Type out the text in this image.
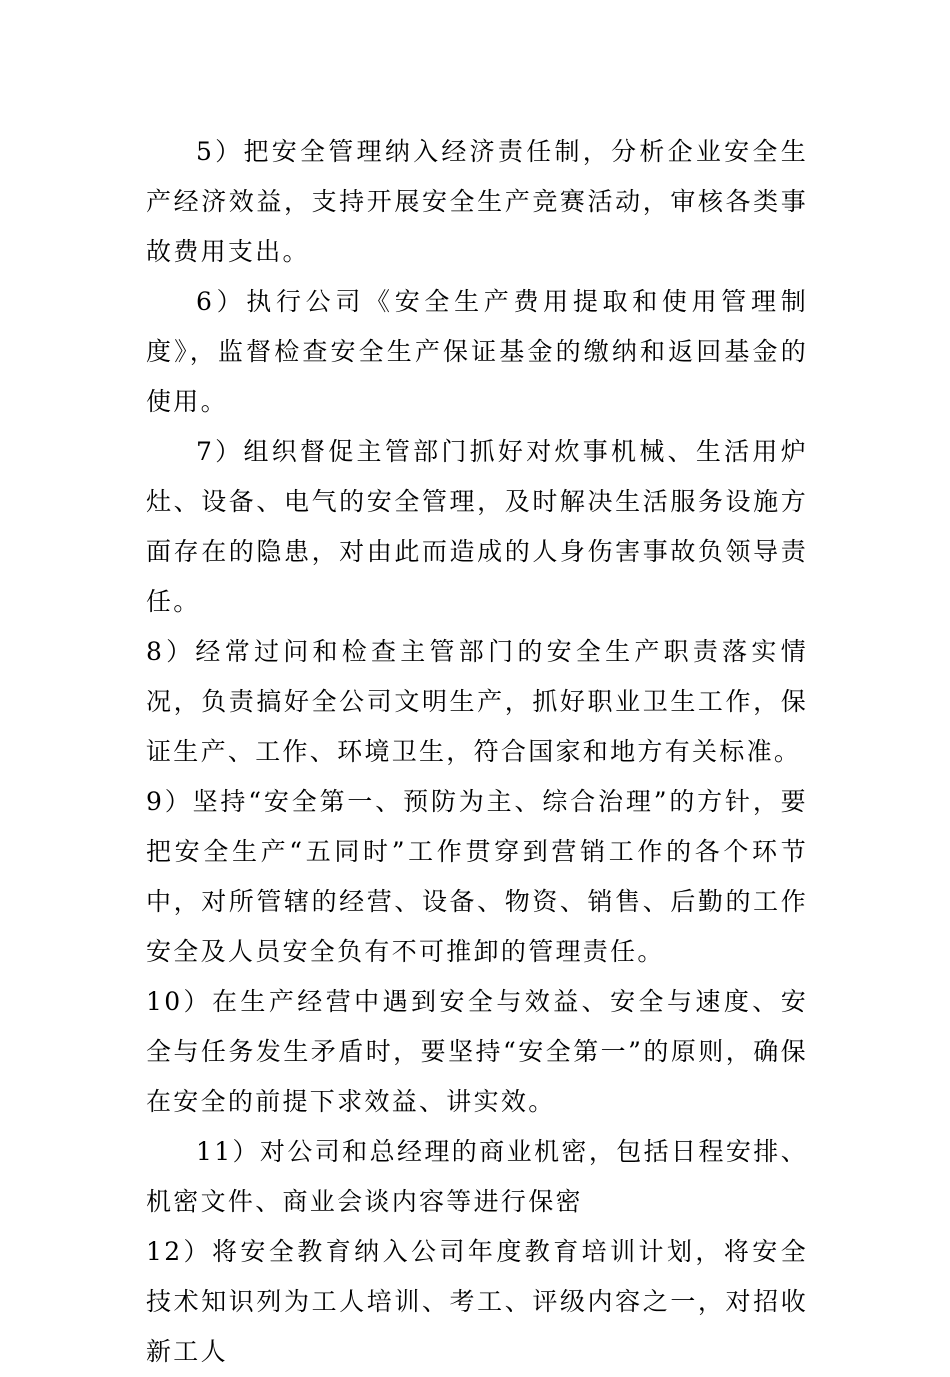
5）把安全管理纳入经济责任制，分析企业安全生产经济效益，支持开展安全生产竞赛活动，审核各类事故费用支出。

6）执行公司《安全生产费用提取和使用管理制度》，监督检查安全生产保证基金的缴纳和返回基金的使用。

7）组织督促主管部门抓好对炊事机械、生活用炉灶、设备、电气的安全管理，及时解决生活服务设施方面存在的隐患，对由此而造成的人身伤害事故负领导责任。

8）经常过问和检查主管部门的安全生产职责落实情况，负责搞好全公司文明生产，抓好职业卫生工作，保证生产、工作、环境卫生，符合国家和地方有关标准。

9）坚持“安全第一、预防为主、综合治理”的方针，要把安全生产“五同时”工作贯穿到营销工作的各个环节中，对所管辖的经营、设备、物资、销售、后勤的工作安全及人员安全负有不可推卸的管理责任。

10）在生产经营中遇到安全与效益、安全与速度、安全与任务发生矛盾时，要坚持“安全第一”的原则，确保在安全的前提下求效益、讲实效。

11）对公司和总经理的商业机密，包括日程安排、机密文件、商业会谈内容等进行保密

12）将安全教育纳入公司年度教育培训计划，将安全技术知识列为工人培训、考工、评级内容之一，对招收新工人
